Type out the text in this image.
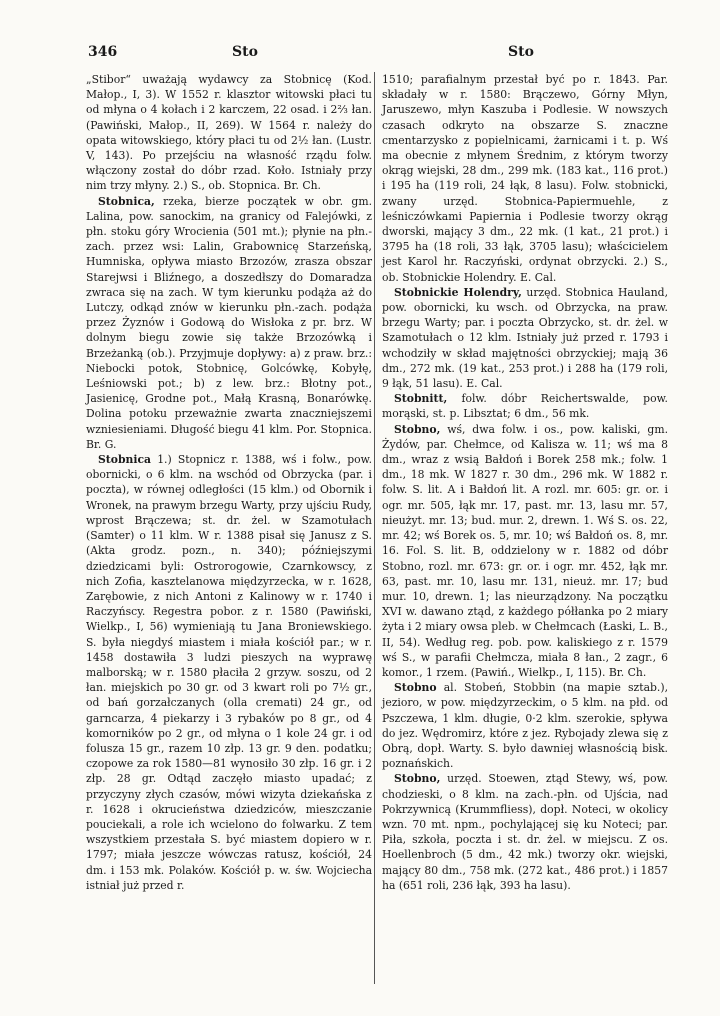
346	Sto	Sto

„Stibor“ uważają wydawcy za Stobnicę (Kod. Małop., I, 3). W 1552 r. klasztor witowski płaci tu od młyna o 4 kołach i 2 karczem, 22 osad. i 2⅔ łan. (Pawiński, Małop., II, 269). W 1564 r. należy do opata witowskiego, który płaci tu od 2½ łan. (Lustr. V, 143). Po przejściu na własność rządu folw. włączony został do dóbr rzad. Koło. Istniały przy nim trzy młyny. 2.) S., ob. Stopnica. Br. Ch.

Stobnica, rzeka, bierze początek w obr. gm. Lalina, pow. sanockim, na granicy od Falejówki, z płn. stoku góry Wrocienia (501 mt.); płynie na płn.-zach. przez wsi: Lalin, Grabownicę Starzeńską, Humniska, opływa miasto Brzozów, zrasza obszar Starejwsi i Bliźnego, a doszedłszy do Domaradza zwraca się na zach. W tym kierunku podąża aż do Lutczy, odkąd znów w kierunku płn.-zach. podąża przez Żyznów i Godową do Wisłoka z pr. brz. W dolnym biegu zowie się także Brzozówką i Brzeżanką (ob.). Przyjmuje dopływy: a) z praw. brz.: Niebocki potok, Stobnicę, Golcówkę, Kobyłę, Leśniowski pot.; b) z lew. brz.: Błotny pot., Jasienicę, Grodne pot., Małą Krasną, Bonarówkę. Dolina potoku przeważnie zwarta znaczniejszemi wzniesieniami. Długość biegu 41 klm. Por. Stopnica. Br. G.

Stobnica 1.) Stopnicz r. 1388, wś i folw., pow. obornicki, o 6 klm. na wschód od Obrzycka (par. i poczta), w równej odległości (15 klm.) od Obornik i Wronek, na prawym brzegu Warty, przy ujściu Rudy, wprost Brączewa; st. dr. żel. w Szamotułach (Samter) o 11 klm. W r. 1388 pisał się Janusz z S. (Akta grodz. pozn., n. 340); późniejszymi dziedzicami byli: Ostrorogowie, Czarnkowscy, z nich Zofia, kasztelanowa międzyrzecka, w r. 1628, Zarębowie, z nich Antoni z Kalinowy w r. 1740 i Raczyńscy. Regestra pobor. z r. 1580 (Pawiński, Wielkp., I, 56) wymieniają tu Jana Broniewskiego. S. była niegdyś miastem i miała kościół par.; w r. 1458 dostawiła 3 ludzi pieszych na wyprawę malborską; w r. 1580 płaciła 2 grzyw. soszu, od 2 łan. miejskich po 30 gr. od 3 kwart roli po 7½ gr., od bań gorzałczanych (olla cremati) 24 gr., od garncarza, 4 piekarzy i 3 rybaków po 8 gr., od 4 komorników po 2 gr., od młyna o 1 kole 24 gr. i od folusza 15 gr., razem 10 złp. 13 gr. 9 den. podatku; czopowe za rok 1580—81 wynosiło 30 złp. 16 gr. i 2 złp. 28 gr. Odtąd zaczęło miasto upadać; z przyczyny złych czasów, mówi wizyta dziekańska z r. 1628 i okrucieństwa dziedziców, mieszczanie pouciekali, a role ich wcielono do folwarku. Z tem wszystkiem przestała S. być miastem dopiero w r. 1797; miała jeszcze wówczas ratusz, kościół, 24 dm. i 153 mk. Polaków. Kościół p. w. św. Wojciecha istniał już przed r.

1510; parafialnym przestał być po r. 1843. Par. składały w r. 1580: Brączewo, Górny Młyn, Jaruszewo, młyn Kaszuba i Podlesie. W nowszych czasach odkryto na obszarze S. znaczne cmentarzysko z popielnicami, żarnicami i t. p. Wś ma obecnie z młynem Średnim, z którym tworzy okrąg wiejski, 28 dm., 299 mk. (183 kat., 116 prot.) i 195 ha (119 roli, 24 łąk, 8 lasu). Folw. stobnicki, zwany urzęd. Stobnica-Papiermuehle, z leśniczówkami Papiernia i Podlesie tworzy okrąg dworski, mający 3 dm., 22 mk. (1 kat., 21 prot.) i 3795 ha (18 roli, 33 łąk, 3705 lasu); właścicielem jest Karol hr. Raczyński, ordynat obrzycki. 2.) S., ob. Stobnickie Holendry. E. Cal.

Stobnickie Holendry, urzęd. Stobnica Hauland, pow. obornicki, ku wsch. od Obrzycka, na praw. brzegu Warty; par. i poczta Obrzycko, st. dr. żel. w Szamotułach o 12 klm. Istniały już przed r. 1793 i wchodziły w skład majętności obrzyckiej; mają 36 dm., 272 mk. (19 kat., 253 prot.) i 288 ha (179 roli, 9 łąk, 51 lasu). E. Cal.

Stobnitt, folw. dóbr Reichertswalde, pow. morąski, st. p. Libsztat; 6 dm., 56 mk.

Stobno, wś, dwa folw. i os., pow. kaliski, gm. Żydów, par. Chełmce, od Kalisza w. 11; wś ma 8 dm., wraz z wsią Bałdoń i Borek 258 mk.; folw. 1 dm., 18 mk. W 1827 r. 30 dm., 296 mk. W 1882 r. folw. S. lit. A i Bałdoń lit. A rozl. mr. 605: gr. or. i ogr. mr. 505, łąk mr. 17, past. mr. 13, lasu mr. 57, nieużyt. mr. 13; bud. mur. 2, drewn. 1. Wś S. os. 22, mr. 42; wś Borek os. 5, mr. 10; wś Bałdoń os. 8, mr. 16. Fol. S. lit. B, oddzielony w r. 1882 od dóbr Stobno, rozl. mr. 673: gr. or. i ogr. mr. 452, łąk mr. 63, past. mr. 10, lasu mr. 131, nieuż. mr. 17; bud mur. 10, drewn. 1; las nieurządzony. Na początku XVI w. dawano ztąd, z każdego półłanka po 2 miary żyta i 2 miary owsa pleb. w Chełmcach (Łaski, L. B., II, 54). Według reg. pob. pow. kaliskiego z r. 1579 wś S., w parafii Chełmcza, miała 8 łan., 2 zagr., 6 komor., 1 rzem. (Pawiń., Wielkp., I, 115). Br. Ch.

Stobno al. Stobeń, Stobbin (na mapie sztab.), jezioro, w pow. międzyrzeckim, o 5 klm. na płd. od Pszczewa, 1 klm. długie, 0·2 klm. szerokie, spływa do jez. Wędromirz, które z jez. Rybojady zlewa się z Obrą, dopł. Warty. S. było dawniej własnością bisk. poznańskich.

Stobno, urzęd. Stoewen, ztąd Stewy, wś, pow. chodzieski, o 8 klm. na zach.-płn. od Ujścia, nad Pokrzywnicą (Krummfliess), dopł. Noteci, w okolicy wzn. 70 mt. npm., pochylającej się ku Noteci; par. Piła, szkoła, poczta i st. dr. żel. w miejscu. Z os. Hoellenbroch (5 dm., 42 mk.) tworzy okr. wiejski, mający 80 dm., 758 mk. (272 kat., 486 prot.) i 1857 ha (651 roli, 236 łąk, 393 ha lasu).
